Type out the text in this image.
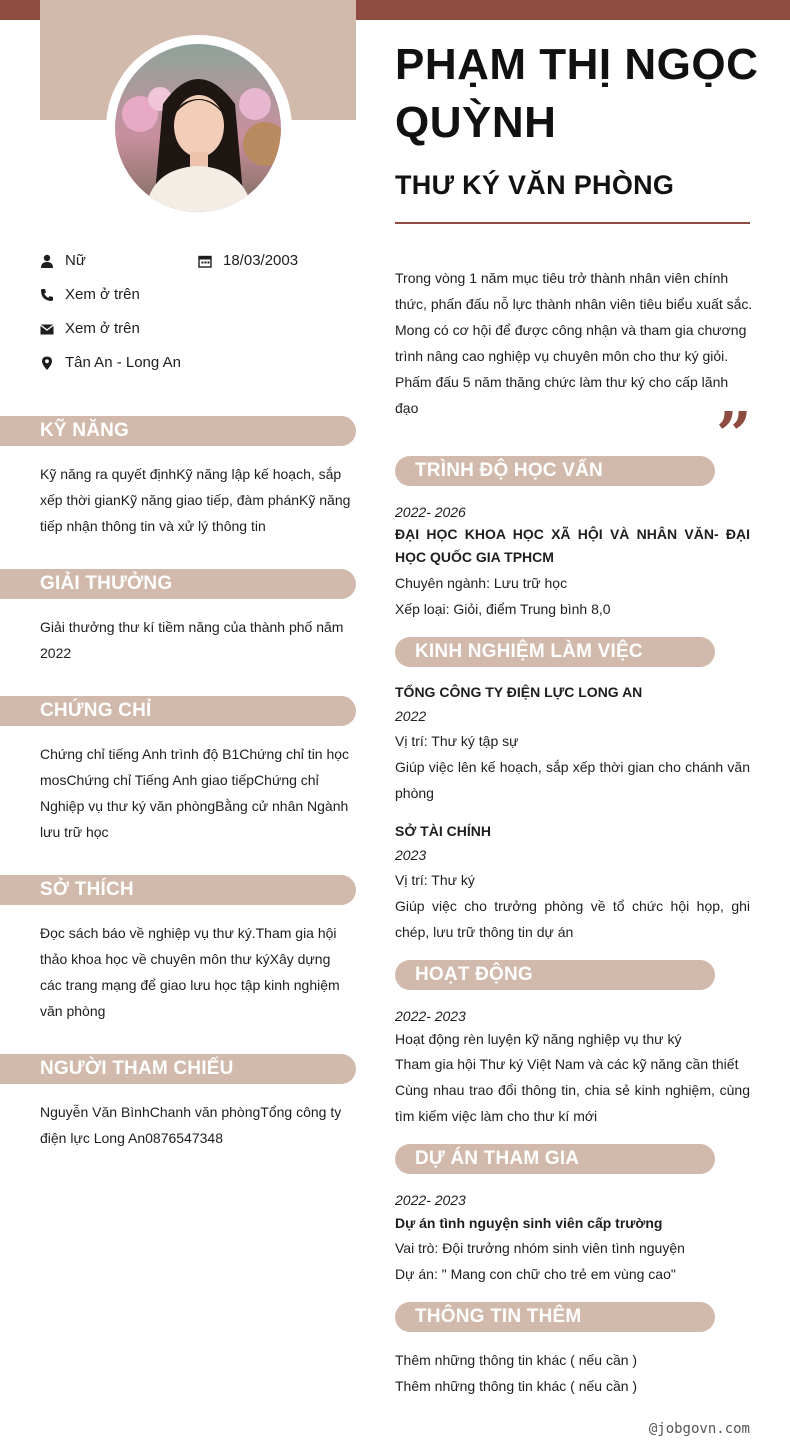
Nữ	18/03/2003
Xem ở trên
Xem ở trên
Tân An - Long An
KỸ NĂNG
Kỹ năng ra quyết địnhKỹ năng lập kế hoạch, sắp xếp thời gianKỹ năng giao tiếp, đàm phánKỹ năng tiếp nhận thông tin và xử lý thông tin
GIẢI THƯỞNG
Giải thưởng thư kí tiềm năng của thành phố năm 2022
CHỨNG CHỈ
Chứng chỉ tiếng Anh trình độ B1Chứng chỉ tin học mosChứng chỉ Tiếng Anh giao tiếpChứng chỉ Nghiệp vụ thư ký văn phòngBằng cử nhân Ngành lưu trữ học
SỞ THÍCH
Đọc sách báo về nghiệp vụ thư ký.Tham gia hội thảo khoa học về chuyên môn thư kýXây dựng các trang mạng để giao lưu học tập kinh nghiệm văn phòng
NGƯỜI THAM CHIẾU
Nguyễn Văn BìnhChanh văn phòngTổng công ty điện lực Long An0876547348
PHẠM THỊ NGỌC QUỲNH
THƯ KÝ VĂN PHÒNG
Trong vòng 1 năm mục tiêu trở thành nhân viên chính thức, phấn đấu nỗ lực thành nhân viên tiêu biểu xuất sắc. Mong có cơ hội để được công nhận và tham gia chương trình nâng cao nghiệp vụ chuyên môn cho thư ký giỏi. Phấm đấu 5 năm thăng chức làm thư ký cho cấp lãnh đạo	”
TRÌNH ĐỘ HỌC VẤN
2022- 2026
ĐẠI HỌC KHOA HỌC XÃ HỘI VÀ NHÂN VĂN- ĐẠI HỌC QUỐC GIA TPHCM
Chuyên ngành: Lưu trữ học
Xếp loại: Giỏi, điểm Trung bình 8,0
KINH NGHIỆM LÀM VIỆC
TỔNG CÔNG TY ĐIỆN LỰC LONG AN
2022
Vị trí: Thư ký tập sự
Giúp việc lên kế hoạch, sắp xếp thời gian cho chánh văn phòng
SỞ TÀI CHÍNH
2023
Vị trí: Thư ký
Giúp việc cho trưởng phòng về tổ chức hội họp, ghi chép, lưu trữ thông tin dự án
HOẠT ĐỘNG
2022- 2023
Hoạt động rèn luyện kỹ năng nghiệp vụ thư ký
Tham gia hội Thư ký Việt Nam và các kỹ năng cần thiết
Cùng nhau trao đổi thông tin, chia sẻ kinh nghiệm, cùng tìm kiếm việc làm cho thư kí mới
DỰ ÁN THAM GIA
2022- 2023
Dự án tình nguyện sinh viên cấp trường
Vai trò: Đội trưởng nhóm sinh viên tình nguyện
Dự án: " Mang con chữ cho trẻ em vùng cao"
THÔNG TIN THÊM
Thêm những thông tin khác ( nếu cần )
Thêm những thông tin khác ( nếu cần )
@jobgovn.com
